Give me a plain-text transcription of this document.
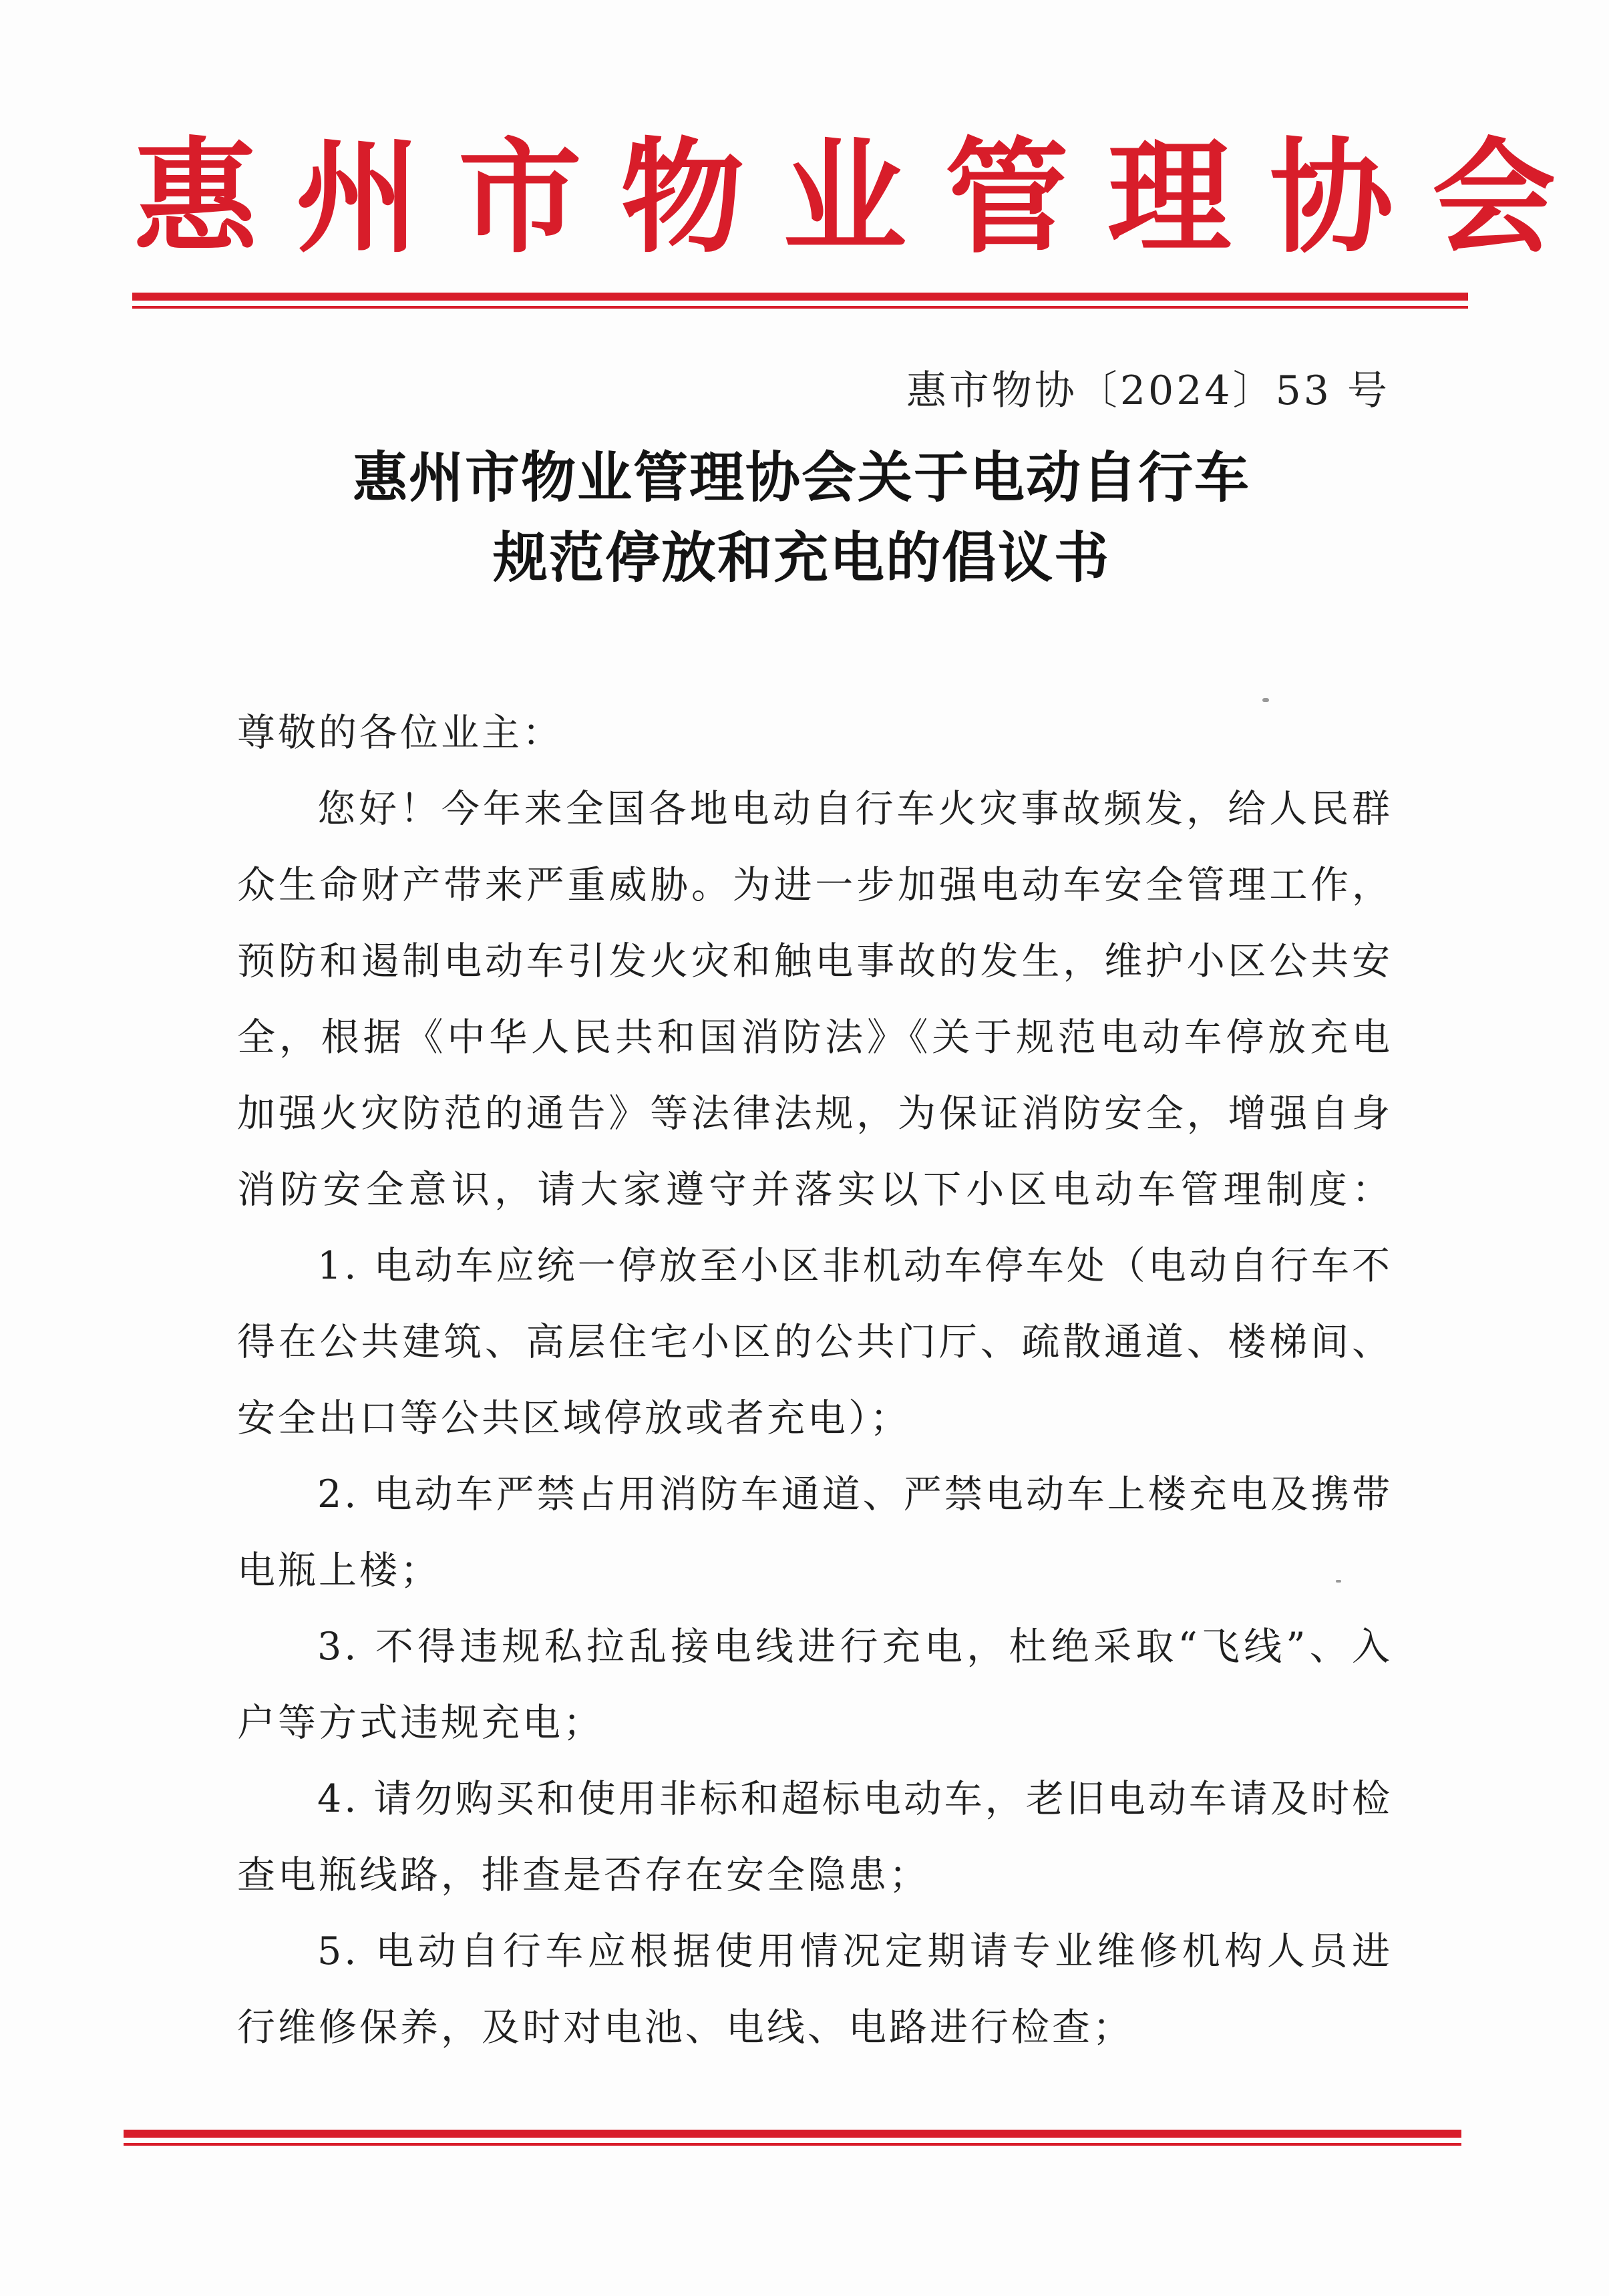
惠州市物业管理协会
惠市物协〔2024〕53 号
惠州市物业管理协会关于电动自行车
规范停放和充电的倡议书
尊敬的各位业主：
您好！今年来全国各地电动自行车火灾事故频发，给人民群
众生命财产带来严重威胁。为进一步加强电动车安全管理工作，
预防和遏制电动车引发火灾和触电事故的发生，维护小区公共安
全，根据《中华人民共和国消防法》《关于规范电动车停放充电
加强火灾防范的通告》等法律法规，为保证消防安全，增强自身
消防安全意识，请大家遵守并落实以下小区电动车管理制度：
1. 电动车应统一停放至小区非机动车停车处（电动自行车不
得在公共建筑、高层住宅小区的公共门厅、疏散通道、楼梯间、
安全出口等公共区域停放或者充电）；
2. 电动车严禁占用消防车通道、严禁电动车上楼充电及携带
电瓶上楼；
3. 不得违规私拉乱接电线进行充电，杜绝采取“飞线”、入
户等方式违规充电；
4. 请勿购买和使用非标和超标电动车，老旧电动车请及时检
查电瓶线路，排查是否存在安全隐患；
5. 电动自行车应根据使用情况定期请专业维修机构人员进
行维修保养，及时对电池、电线、电路进行检查；
